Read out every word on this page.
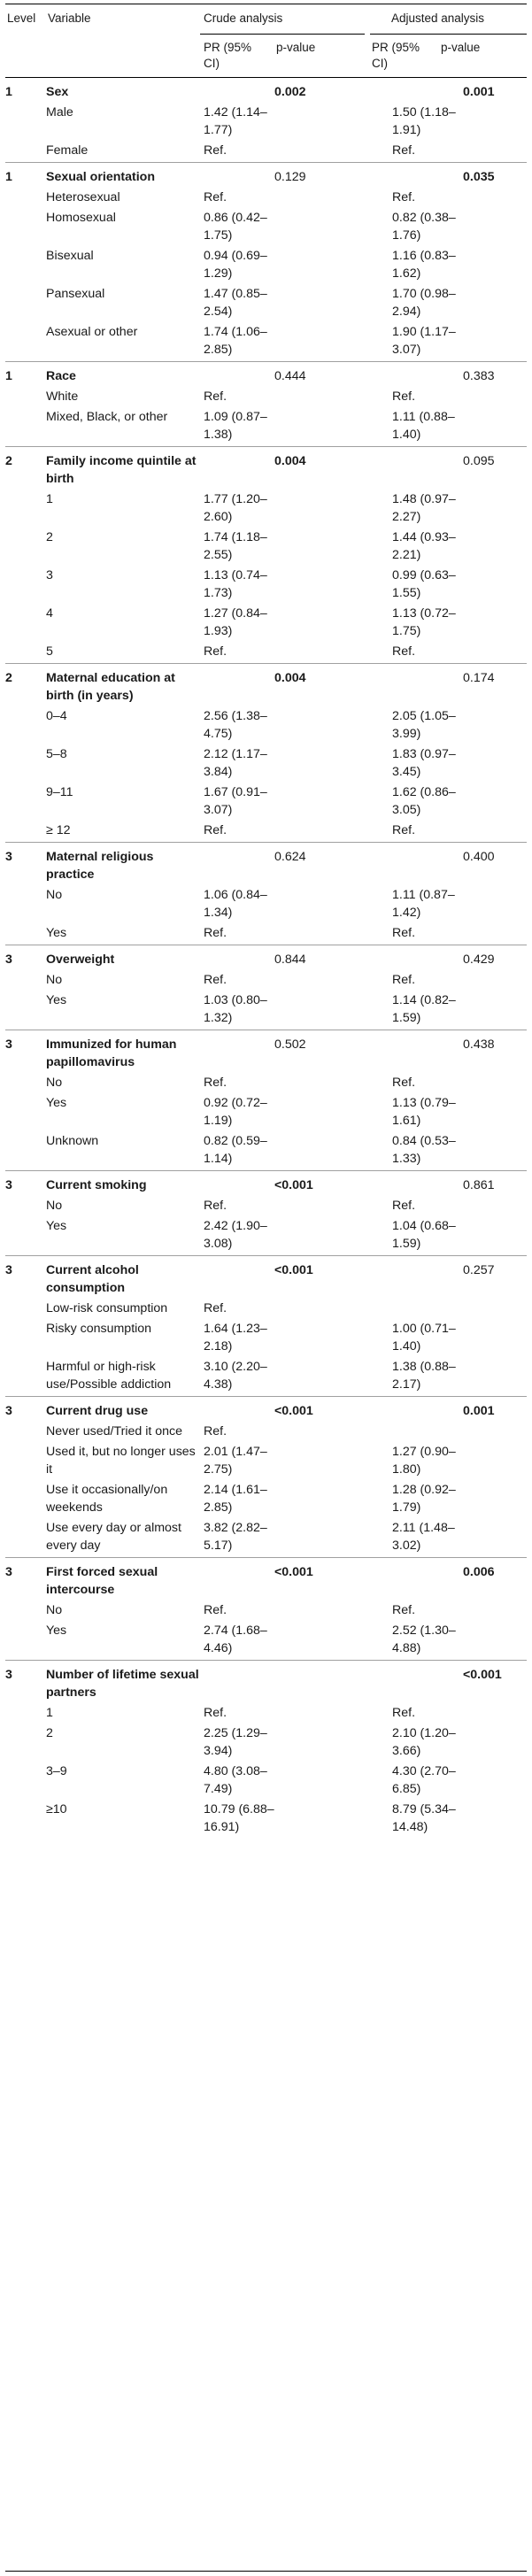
Level Variable	Crude analysis	Adjusted analysis
PR (95%
CI)
p-value	PR (95%
CI)
p-value
1	Sex		0.002		0.001
	Male	1.42 (1.14–1.77)		1.50 (1.18–1.91)	
	Female	Ref.		Ref.	
1	Sexual orientation		0.129		0.035
	Heterosexual	Ref.		Ref.	
	Homosexual	0.86 (0.42–1.75)		0.82 (0.38–1.76)	
	Bisexual	0.94 (0.69–1.29)		1.16 (0.83–1.62)	
	Pansexual	1.47 (0.85–2.54)		1.70 (0.98–2.94)	
	Asexual or other	1.74 (1.06–2.85)		1.90 (1.17–3.07)	
1	Race		0.444		0.383
	White	Ref.		Ref.	
	Mixed, Black, or other	1.09 (0.87–1.38)		1.11 (0.88–1.40)	
2	Family income quintile at birth		0.004		0.095
	1	1.77 (1.20–2.60)		1.48 (0.97–2.27)	
	2	1.74 (1.18–2.55)		1.44 (0.93–2.21)	
	3	1.13 (0.74–1.73)		0.99 (0.63–1.55)	
	4	1.27 (0.84–1.93)		1.13 (0.72–1.75)	
	5	Ref.		Ref.	
2	Maternal education at birth (in years)		0.004		0.174
	0–4	2.56 (1.38–4.75)		2.05 (1.05–3.99)	
	5–8	2.12 (1.17–3.84)		1.83 (0.97–3.45)	
	9–11	1.67 (0.91–3.07)		1.62 (0.86–3.05)	
	≥ 12	Ref.		Ref.	
3	Maternal religious practice		0.624		0.400
	No	1.06 (0.84–1.34)		1.11 (0.87–1.42)	
	Yes	Ref.		Ref.	
3	Overweight		0.844		0.429
	No	Ref.		Ref.	
	Yes	1.03 (0.80–1.32)		1.14 (0.82–1.59)	
3	Immunized for human papillomavirus		0.502		0.438
	No	Ref.		Ref.	
	Yes	0.92 (0.72–1.19)		1.13 (0.79–1.61)	
	Unknown	0.82 (0.59–1.14)		0.84 (0.53–1.33)	
3	Current smoking		<0.001		0.861
	No	Ref.		Ref.	
	Yes	2.42 (1.90–3.08)		1.04 (0.68–1.59)	
3	Current alcohol consumption		<0.001		0.257
	Low-risk consumption	Ref.			
	Risky consumption	1.64 (1.23–2.18)		1.00 (0.71–1.40)	
	Harmful or high-risk use/Possible addiction	3.10 (2.20–4.38)		1.38 (0.88–2.17)	
3	Current drug use		<0.001		0.001
	Never used/Tried it once	Ref.			
	Used it, but no longer uses it	2.01 (1.47–2.75)		1.27 (0.90–1.80)	
	Use it occasionally/on weekends	2.14 (1.61–2.85)		1.28 (0.92–1.79)	
	Use every day or almost every day	3.82 (2.82–5.17)		2.11 (1.48–3.02)	
3	First forced sexual intercourse		<0.001		0.006
	No	Ref.		Ref.	
	Yes	2.74 (1.68–4.46)		2.52 (1.30–4.88)	
3	Number of lifetime sexual partners				<0.001
	1	Ref.		Ref.	
	2	2.25 (1.29–3.94)		2.10 (1.20–3.66)	
	3–9	4.80 (3.08–7.49)		4.30 (2.70–6.85)	
	≥10	10.79 (6.88–16.91)		8.79 (5.34–14.48)	
